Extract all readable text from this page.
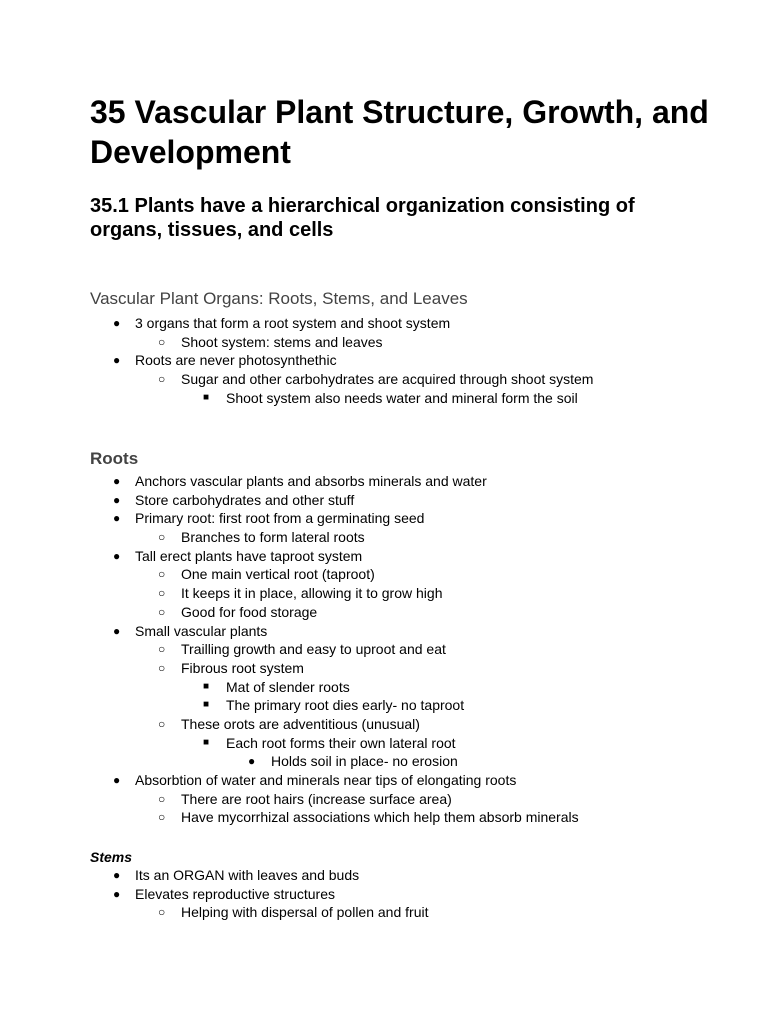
35 Vascular Plant Structure, Growth, and Development
35.1 Plants have a hierarchical organization consisting of organs, tissues, and cells
Vascular Plant Organs: Roots, Stems, and Leaves
● 3 organs that form a root system and shoot system
○ Shoot system: stems and leaves
● Roots are never photosynthethic
○ Sugar and other carbohydrates are acquired through shoot system
■ Shoot system also needs water and mineral form the soil
Roots
● Anchors vascular plants and absorbs minerals and water
● Store carbohydrates and other stuff
● Primary root: first root from a germinating seed
○ Branches to form lateral roots
● Tall erect plants have taproot system
○ One main vertical root (taproot)
○ It keeps it in place, allowing it to grow high
○ Good for food storage
● Small vascular plants
○ Trailling growth and easy to uproot and eat
○ Fibrous root system
■ Mat of slender roots
■ The primary root dies early- no taproot
○ These orots are adventitious (unusual)
■ Each root forms their own lateral root
● Holds soil in place- no erosion
● Absorbtion of water and minerals near tips of elongating roots
○ There are root hairs (increase surface area)
○ Have mycorrhizal associations which help them absorb minerals

Stems

● Its an ORGAN with leaves and buds
● Elevates reproductive structures
○ Helping with dispersal of pollen and fruit
